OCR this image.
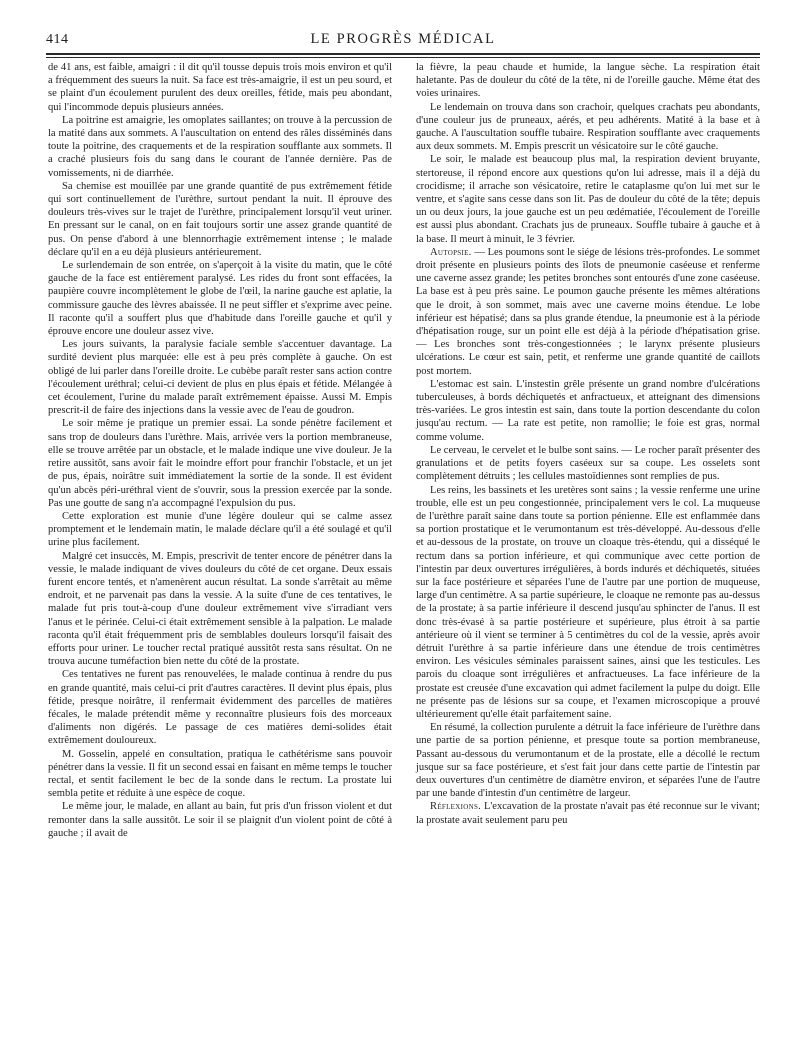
414	LE PROGRÈS MÉDICAL

de 41 ans, est faible, amaigri : il dit qu'il tousse depuis trois mois environ et qu'il a fréquemment des sueurs la nuit. Sa face est très-amaigrie, il est un peu sourd, et se plaint d'un écoulement purulent des deux oreilles, fétide, mais peu abondant, qui l'incommode depuis plusieurs années.

La poitrine est amaigrie, les omoplates saillantes; on trouve à la percussion de la matité dans aux sommets. A l'auscultation on entend des râles disséminés dans toute la poitrine, des craquements et de la respiration soufflante aux sommets. Il a craché plusieurs fois du sang dans le courant de l'année dernière. Pas de vomissements, ni de diarrhée.

Sa chemise est mouillée par une grande quantité de pus extrêmement fétide qui sort continuellement de l'urèthre, surtout pendant la nuit. Il éprouve des douleurs très-vives sur le trajet de l'urèthre, principalement lorsqu'il veut uriner. En pressant sur le canal, on en fait toujours sortir une assez grande quantité de pus. On pense d'abord à une blennorrhagie extrêmement intense ; le malade déclare qu'il en a eu déjà plusieurs antérieurement.

Le surlendemain de son entrée, on s'aperçoit à la visite du matin, que le côté gauche de la face est entièrement paralysé. Les rides du front sont effacées, la paupière couvre incomplètement le globe de l'œil, la narine gauche est aplatie, la commissure gauche des lèvres abaissée. Il ne peut siffler et s'exprime avec peine. Il raconte qu'il a souffert plus que d'habitude dans l'oreille gauche et qu'il y éprouve encore une douleur assez vive.

Les jours suivants, la paralysie faciale semble s'accentuer davantage. La surdité devient plus marquée: elle est à peu près complète à gauche. On est obligé de lui parler dans l'oreille droite. Le cubèbe paraît rester sans action contre l'écoulement uréthral; celui-ci devient de plus en plus épais et fétide. Mélangée à cet écoulement, l'urine du malade paraît extrêmement épaisse. Aussi M. Empis prescrit-il de faire des injections dans la vessie avec de l'eau de goudron.

Le soir même je pratique un premier essai. La sonde pénètre facilement et sans trop de douleurs dans l'urèthre. Mais, arrivée vers la portion membraneuse, elle se trouve arrêtée par un obstacle, et le malade indique une vive douleur. Je la retire aussitôt, sans avoir fait le moindre effort pour franchir l'obstacle, et un jet de pus, épais, noirâtre suit immédiatement la sortie de la sonde. Il est évident qu'un abcès péri-uréthral vient de s'ouvrir, sous la pression exercée par la sonde. Pas une goutte de sang n'a accompagné l'expulsion du pus.

Cette exploration est munie d'une légère douleur qui se calme assez promptement et le lendemain matin, le malade déclare qu'il a été soulagé et qu'il urine plus facilement.

Malgré cet insuccès, M. Empis, prescrivit de tenter encore de pénétrer dans la vessie, le malade indiquant de vives douleurs du côté de cet organe. Deux essais furent encore tentés, et n'amenèrent aucun résultat. La sonde s'arrêtait au même endroit, et ne parvenait pas dans la vessie. A la suite d'une de ces tentatives, le malade fut pris tout-à-coup d'une douleur extrêmement vive s'irradiant vers l'anus et le périnée. Celui-ci était extrêmement sensible à la palpation. Le malade raconta qu'il était fréquemment pris de semblables douleurs lorsqu'il faisait des efforts pour uriner. Le toucher rectal pratiqué aussitôt resta sans résultat. On ne trouva aucune tuméfaction bien nette du côté de la prostate.

Ces tentatives ne furent pas renouvelées, le malade continua à rendre du pus en grande quantité, mais celui-ci prit d'autres caractères. Il devint plus épais, plus fétide, presque noirâtre, il renfermait évidemment des parcelles de matières fécales, le malade prétendit même y reconnaître plusieurs fois des morceaux d'aliments non digérés. Le passage de ces matières demi-solides était extrêmement douloureux.

M. Gosselin, appelé en consultation, pratiqua le cathétérisme sans pouvoir pénétrer dans la vessie. Il fit un second essai en faisant en même temps le toucher rectal, et sentit facilement le bec de la sonde dans le rectum. La prostate lui sembla petite et réduite à une espèce de coque.

Le même jour, le malade, en allant au bain, fut pris d'un frisson violent et dut remonter dans la salle aussitôt. Le soir il se plaignit d'un violent point de côté à gauche ; il avait de

la fièvre, la peau chaude et humide, la langue sèche. La respiration était haletante. Pas de douleur du côté de la tête, ni de l'oreille gauche. Même état des voies urinaires.

Le lendemain on trouva dans son crachoir, quelques crachats peu abondants, d'une couleur jus de pruneaux, aérés, et peu adhérents. Matité à la base et à gauche. A l'auscultation souffle tubaire. Respiration soufflante avec craquements aux deux sommets. M. Empis prescrit un vésicatoire sur le côté gauche.

Le soir, le malade est beaucoup plus mal, la respiration devient bruyante, stertoreuse, il répond encore aux questions qu'on lui adresse, mais il a déjà du crocidisme; il arrache son vésicatoire, retire le cataplasme qu'on lui met sur le ventre, et s'agite sans cesse dans son lit. Pas de douleur du côté de la tête; depuis un ou deux jours, la joue gauche est un peu œdématiée, l'écoulement de l'oreille est aussi plus abondant. Crachats jus de pruneaux. Souffle tubaire à gauche et à la base. Il meurt à minuit, le 3 février.

Autopsie. — Les poumons sont le siége de lésions très-profondes. Le sommet droit présente en plusieurs points des îlots de pneumonie caséeuse et renferme une caverne assez grande; les petites bronches sont entourés d'une zone caséeuse. La base est à peu près saine. Le poumon gauche présente les mêmes altérations que le droit, à son sommet, mais avec une caverne moins étendue. Le lobe inférieur est hépatisé; dans sa plus grande étendue, la pneumonie est à la période d'hépatisation rouge, sur un point elle est déjà à la période d'hépatisation grise. — Les bronches sont très-congestionnées ; le larynx présente plusieurs ulcérations. Le cœur est sain, petit, et renferme une grande quantité de caillots post mortem.

L'estomac est sain. L'instestin grêle présente un grand nombre d'ulcérations tuberculeuses, à bords déchiquetés et anfractueux, et atteignant des dimensions très-variées. Le gros intestin est sain, dans toute la portion descendante du colon jusqu'au rectum. — La rate est petite, non ramollie; le foie est gras, normal comme volume.

Le cerveau, le cervelet et le bulbe sont sains. — Le rocher paraît présenter des granulations et de petits foyers caséeux sur sa coupe. Les osselets sont complètement détruits ; les cellules mastoïdiennes sont remplies de pus.

Les reins, les bassinets et les uretères sont sains ; la vessie renferme une urine trouble, elle est un peu congestionnée, principalement vers le col. La muqueuse de l'urèthre paraît saine dans toute sa portion pénienne. Elle est enflammée dans sa portion prostatique et le verumontanum est très-développé. Au-dessous d'elle et au-dessous de la prostate, on trouve un cloaque très-étendu, qui a disséqué le rectum dans sa portion inférieure, et qui communique avec cette portion de l'intestin par deux ouvertures irrégulières, à bords indurés et déchiquetés, situées sur la face postérieure et séparées l'une de l'autre par une portion de muqueuse, large d'un centimètre. A sa partie supérieure, le cloaque ne remonte pas au-dessus de la prostate; à sa partie inférieure il descend jusqu'au sphincter de l'anus. Il est donc très-évasé à sa partie postérieure et supérieure, plus étroit à sa partie antérieure où il vient se terminer à 5 centimètres du col de la vessie, après avoir détruit l'urèthre à sa partie inférieure dans une étendue de trois centimètres environ. Les vésicules séminales paraissent saines, ainsi que les testicules. Les parois du cloaque sont irrégulières et anfractueuses. La face inférieure de la prostate est creusée d'une excavation qui admet facilement la pulpe du doigt. Elle ne présente pas de lésions sur sa coupe, et l'examen microscopique a prouvé ultérieurement qu'elle était parfaitement saine.

En résumé, la collection purulente a détruit la face inférieure de l'urèthre dans une partie de sa portion pénienne, et presque toute sa portion membraneuse, Passant au-dessous du verumontanum et de la prostate, elle a décollé le rectum jusque sur sa face postérieure, et s'est fait jour dans cette partie de l'intestin par deux ouvertures d'un centimètre de diamètre environ, et séparées l'une de l'autre par une bande d'intestin d'un centimètre de largeur.

Réflexions. L'excavation de la prostate n'avait pas été reconnue sur le vivant; la prostate avait seulement paru peu
